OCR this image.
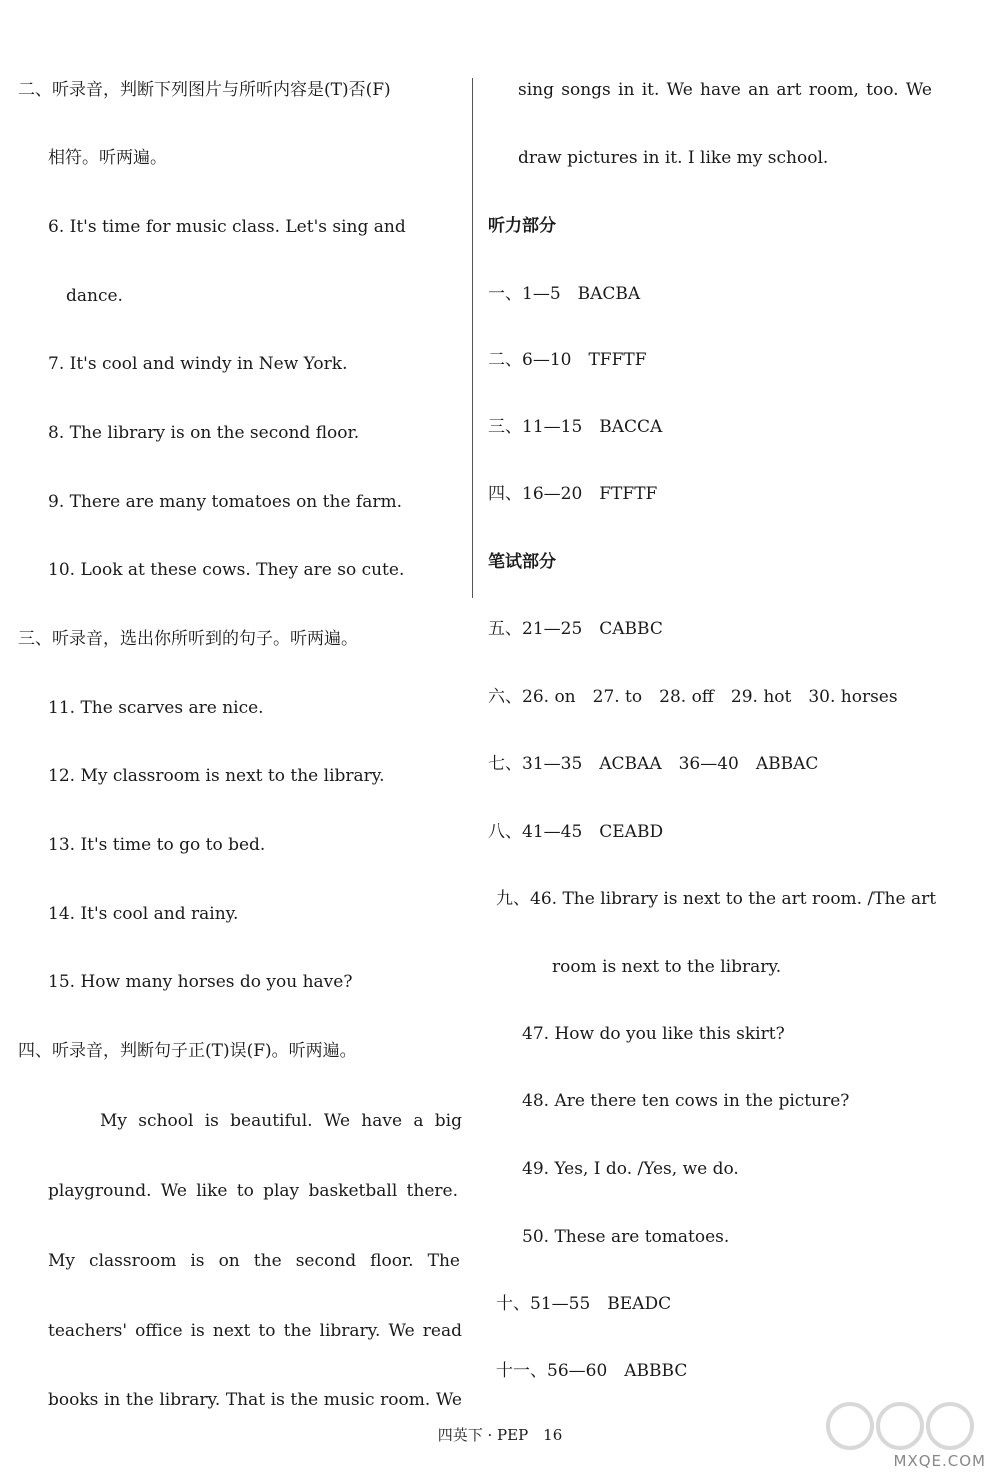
二、听录音，判断下列图片与所听内容是(T)否(F)
相符。听两遍。
6. It's time for music class. Let's sing and
dance.
7. It's cool and windy in New York.
8. The library is on the second floor.
9. There are many tomatoes on the farm.
10. Look at these cows. They are so cute.
三、听录音，选出你所听到的句子。听两遍。
11. The scarves are nice.
12. My classroom is next to the library.
13. It's time to go to bed.
14. It's cool and rainy.
15. How many horses do you have?
四、听录音，判断句子正(T)误(F)。听两遍。
My school is beautiful. We have a big
playground. We like to play basketball there.
My classroom is on the second floor. The
teachers' office is next to the library. We read
books in the library. That is the music room. We
sing songs in it. We have an art room, too. We
draw pictures in it. I like my school.
听力部分
一、1—5　BACBA
二、6—10　TFFTF
三、11—15　BACCA
四、16—20　FTFTF
笔试部分
五、21—25　CABBC
六、26. on　27. to　28. off　29. hot　30. horses
七、31—35　ACBAA　36—40　ABBAC
八、41—45　CEABD
九、46. The library is next to the art room. /The art
room is next to the library.
47. How do you like this skirt?
48. Are there ten cows in the picture?
49. Yes, I do. /Yes, we do.
50. These are tomatoes.
十、51—55　BEADC
十一、56—60　ABBBC
四英下 · PEP　16
MXQE.COM
